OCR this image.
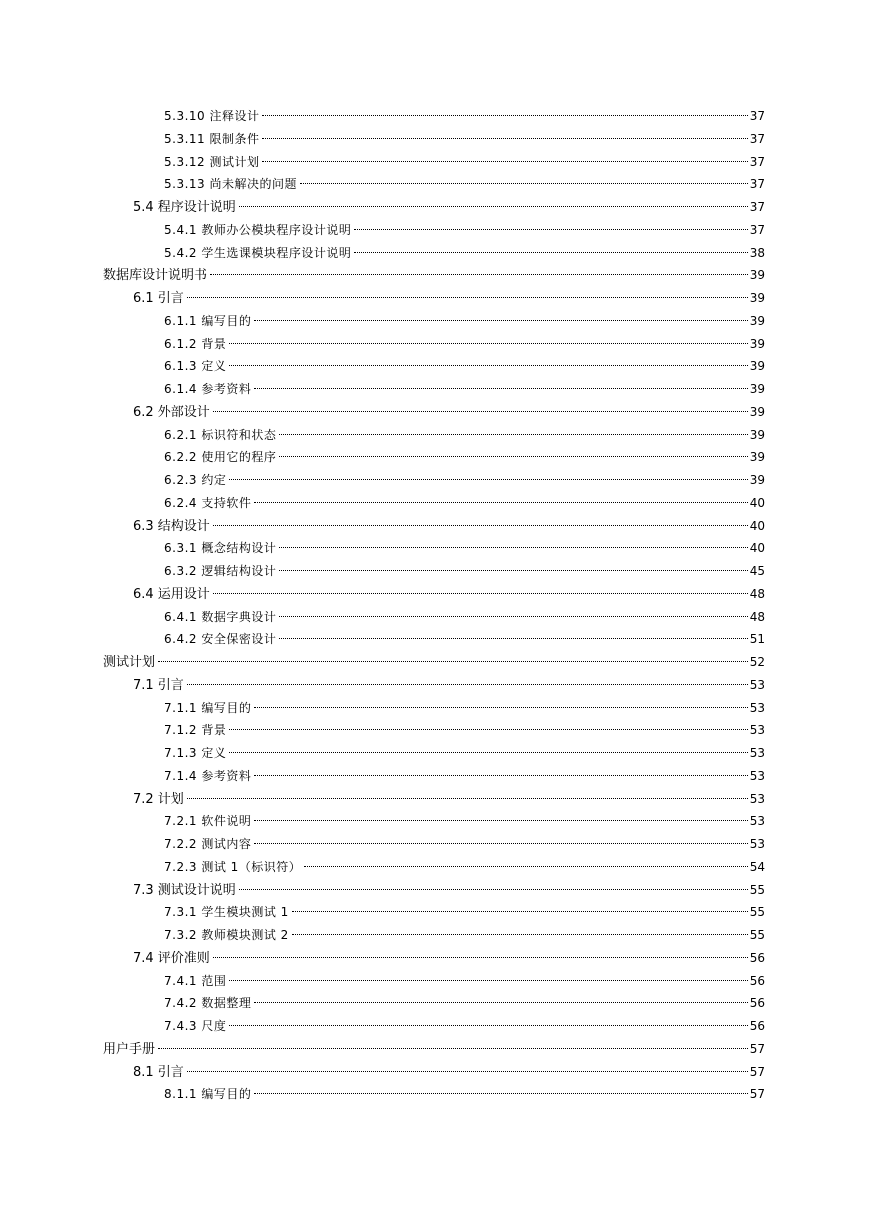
5.3.10 注释设计	37
5.3.11 限制条件	37
5.3.12 测试计划	37
5.3.13 尚未解决的问题	37
5.4 程序设计说明	37
5.4.1 教师办公模块程序设计说明	37
5.4.2 学生选课模块程序设计说明	38
数据库设计说明书	39
6.1 引言	39
6.1.1 编写目的	39
6.1.2 背景	39
6.1.3 定义	39
6.1.4 参考资料	39
6.2 外部设计	39
6.2.1 标识符和状态	39
6.2.2 使用它的程序	39
6.2.3 约定	39
6.2.4 支持软件	40
6.3 结构设计	40
6.3.1 概念结构设计	40
6.3.2 逻辑结构设计	45
6.4 运用设计	48
6.4.1 数据字典设计	48
6.4.2 安全保密设计	51
测试计划	52
7.1 引言	53
7.1.1 编写目的	53
7.1.2 背景	53
7.1.3 定义	53
7.1.4 参考资料	53
7.2 计划	53
7.2.1 软件说明	53
7.2.2 测试内容	53
7.2.3 测试 1（标识符）	54
7.3 测试设计说明	55
7.3.1 学生模块测试 1	55
7.3.2 教师模块测试 2	55
7.4 评价准则	56
7.4.1 范围	56
7.4.2 数据整理	56
7.4.3 尺度	56
用户手册	57
8.1 引言	57
8.1.1 编写目的	57
